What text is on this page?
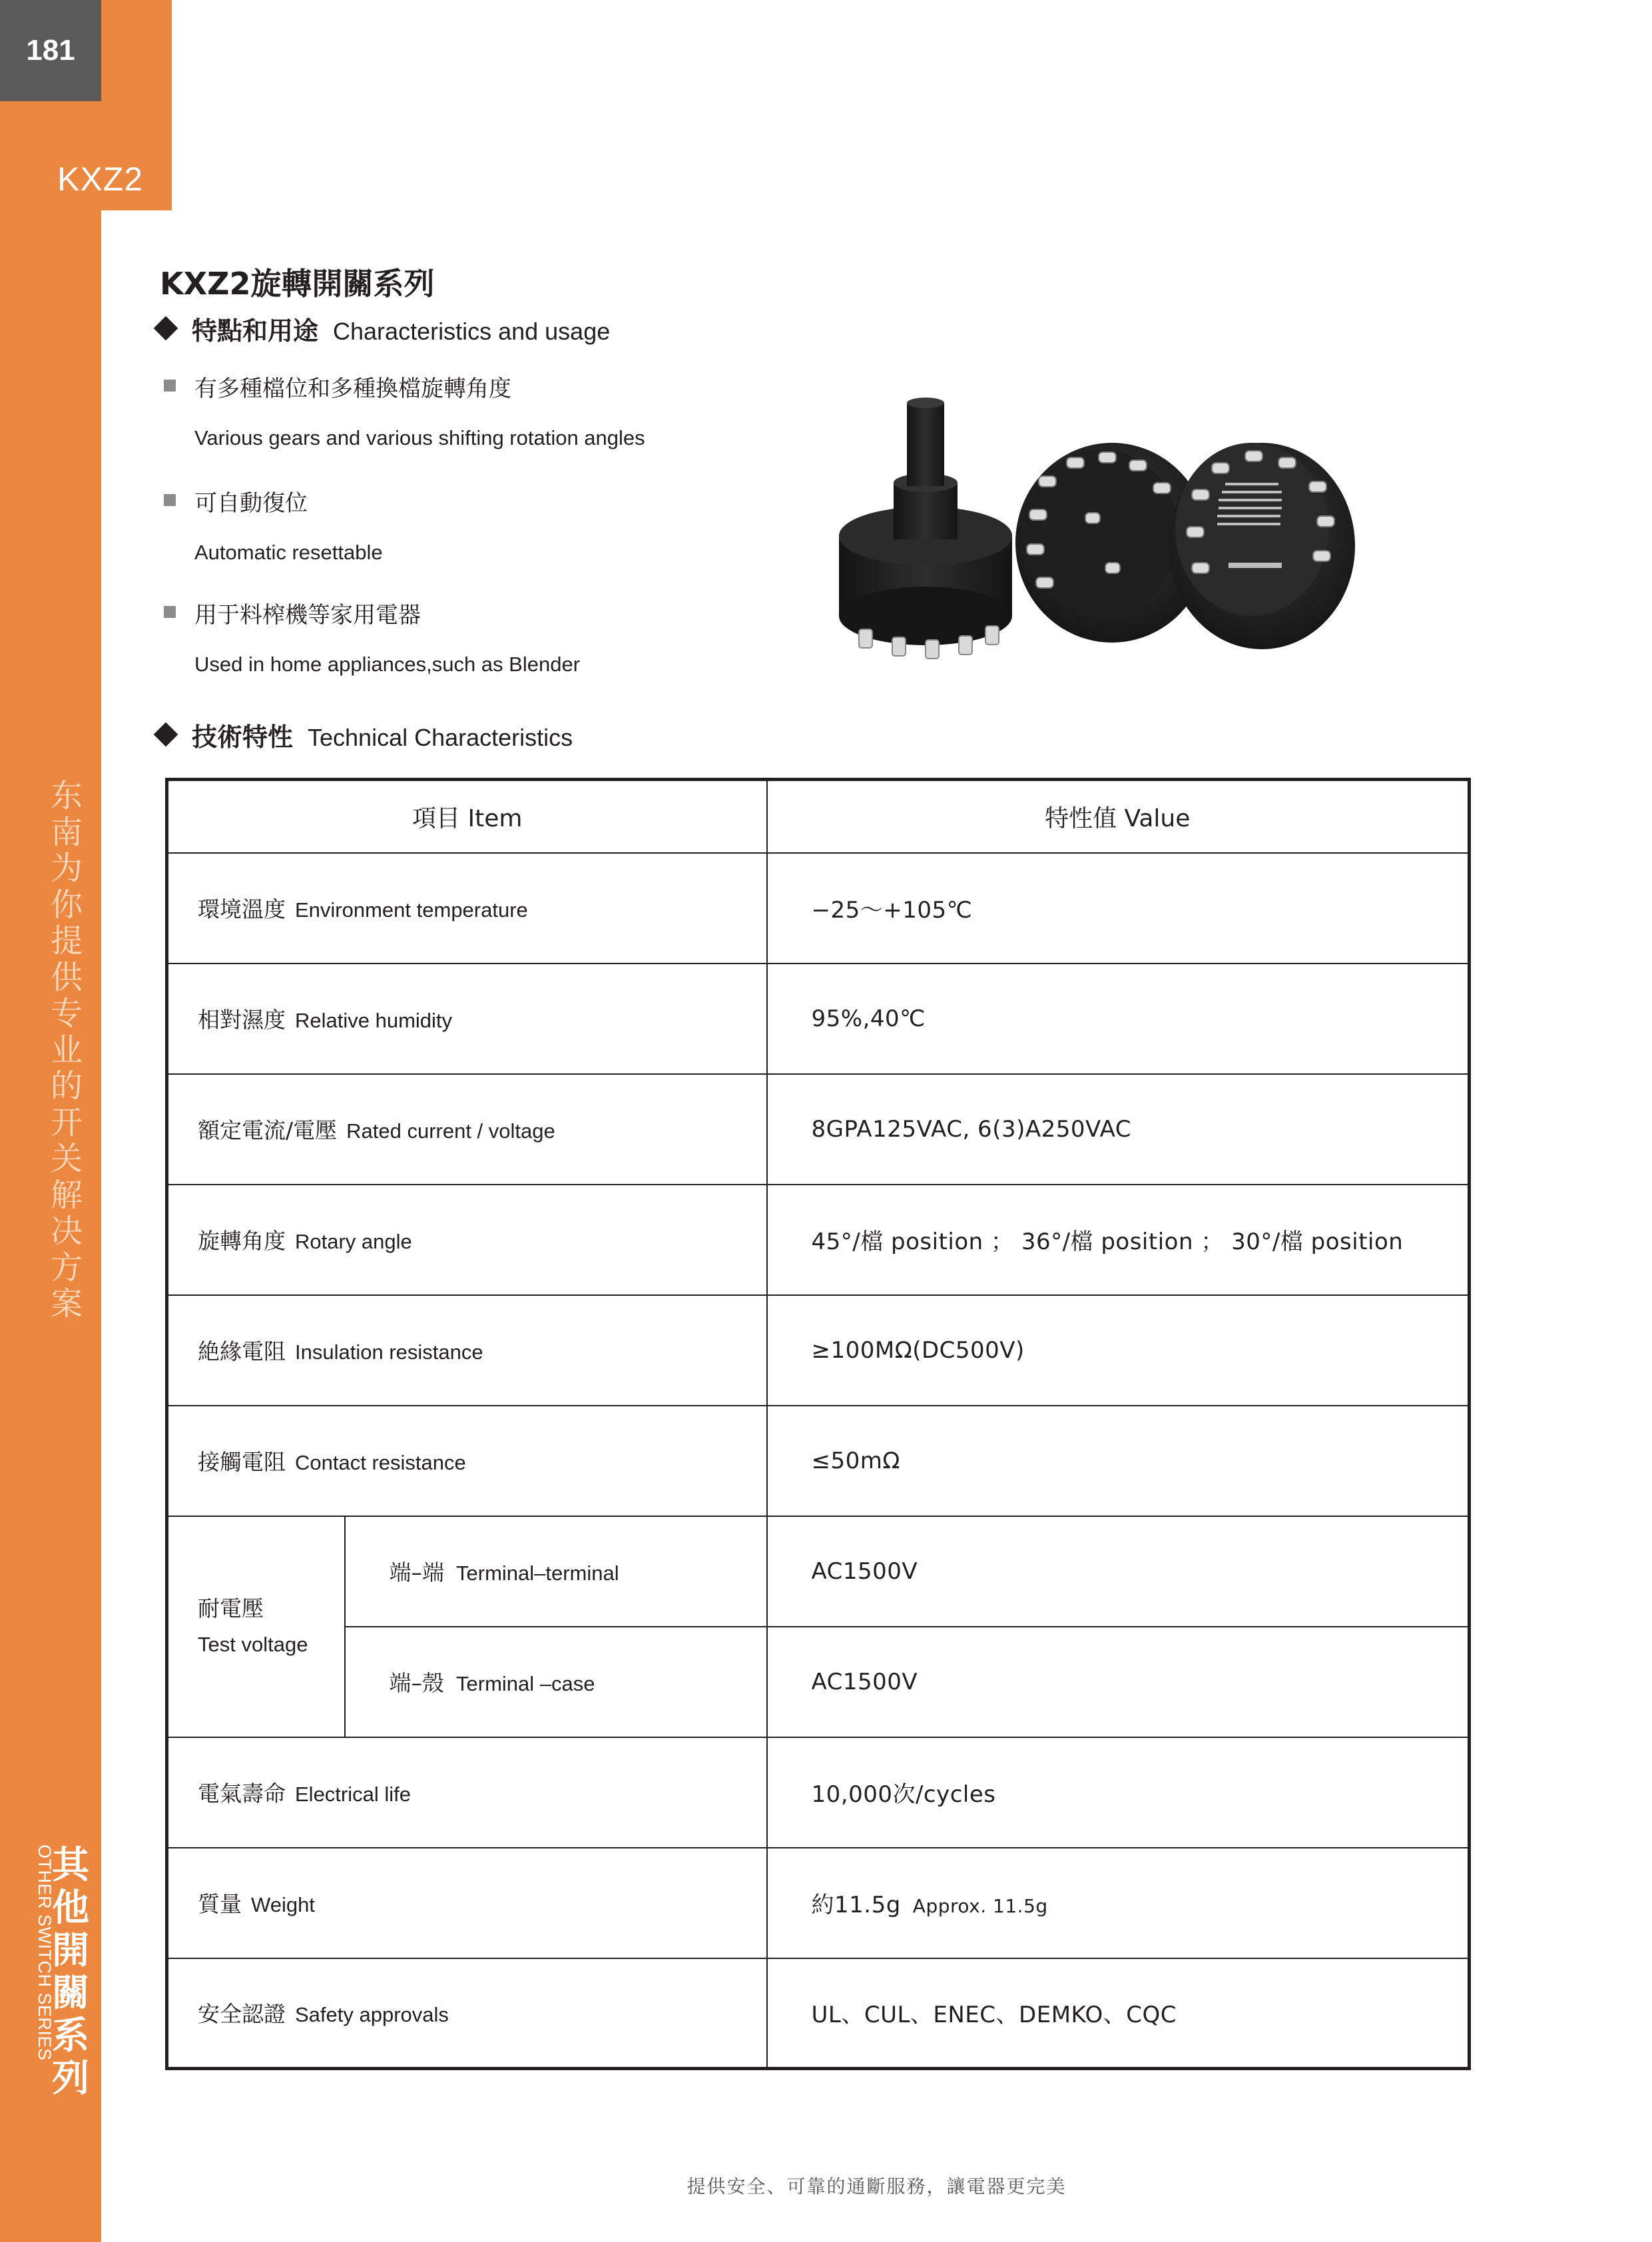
181
KXZ2
东
南
为
你
提
供
专
业
的
开
关
解
决
方
案
OTHER SWITCH SERIES
其
他
開
關
系
列
KXZ2旋轉開關系列
特點和用途 Characteristics and usage
有多種檔位和多種換檔旋轉角度
Various gears and various shifting rotation angles
可自動復位
Automatic resettable
用于料榨機等家用電器
Used in home appliances,such as Blender
技術特性 Technical Characteristics
項目 Item		特性值 Value
環境溫度 Environment temperature		−25～+105℃
相對濕度 Relative humidity		95%,40℃
額定電流/電壓 Rated current / voltage		8GPA125VAC, 6(3)A250VAC
旋轉角度 Rotary angle		45°/檔 position ； 36°/檔 position ； 30°/檔 position
絶緣電阻 Insulation resistance		≥100MΩ(DC500V)
接觸電阻 Contact resistance		≤50mΩ
耐電壓
Test voltage	端–端 Terminal–terminal	AC1500V
	端–殼 Terminal –case	AC1500V
電氣壽命 Electrical life		10,000次/cycles
質量 Weight		約11.5g Approx. 11.5g
安全認證 Safety approvals		UL、CUL、ENEC、DEMKO、CQC
提供安全、可靠的通斷服務，讓電器更完美
